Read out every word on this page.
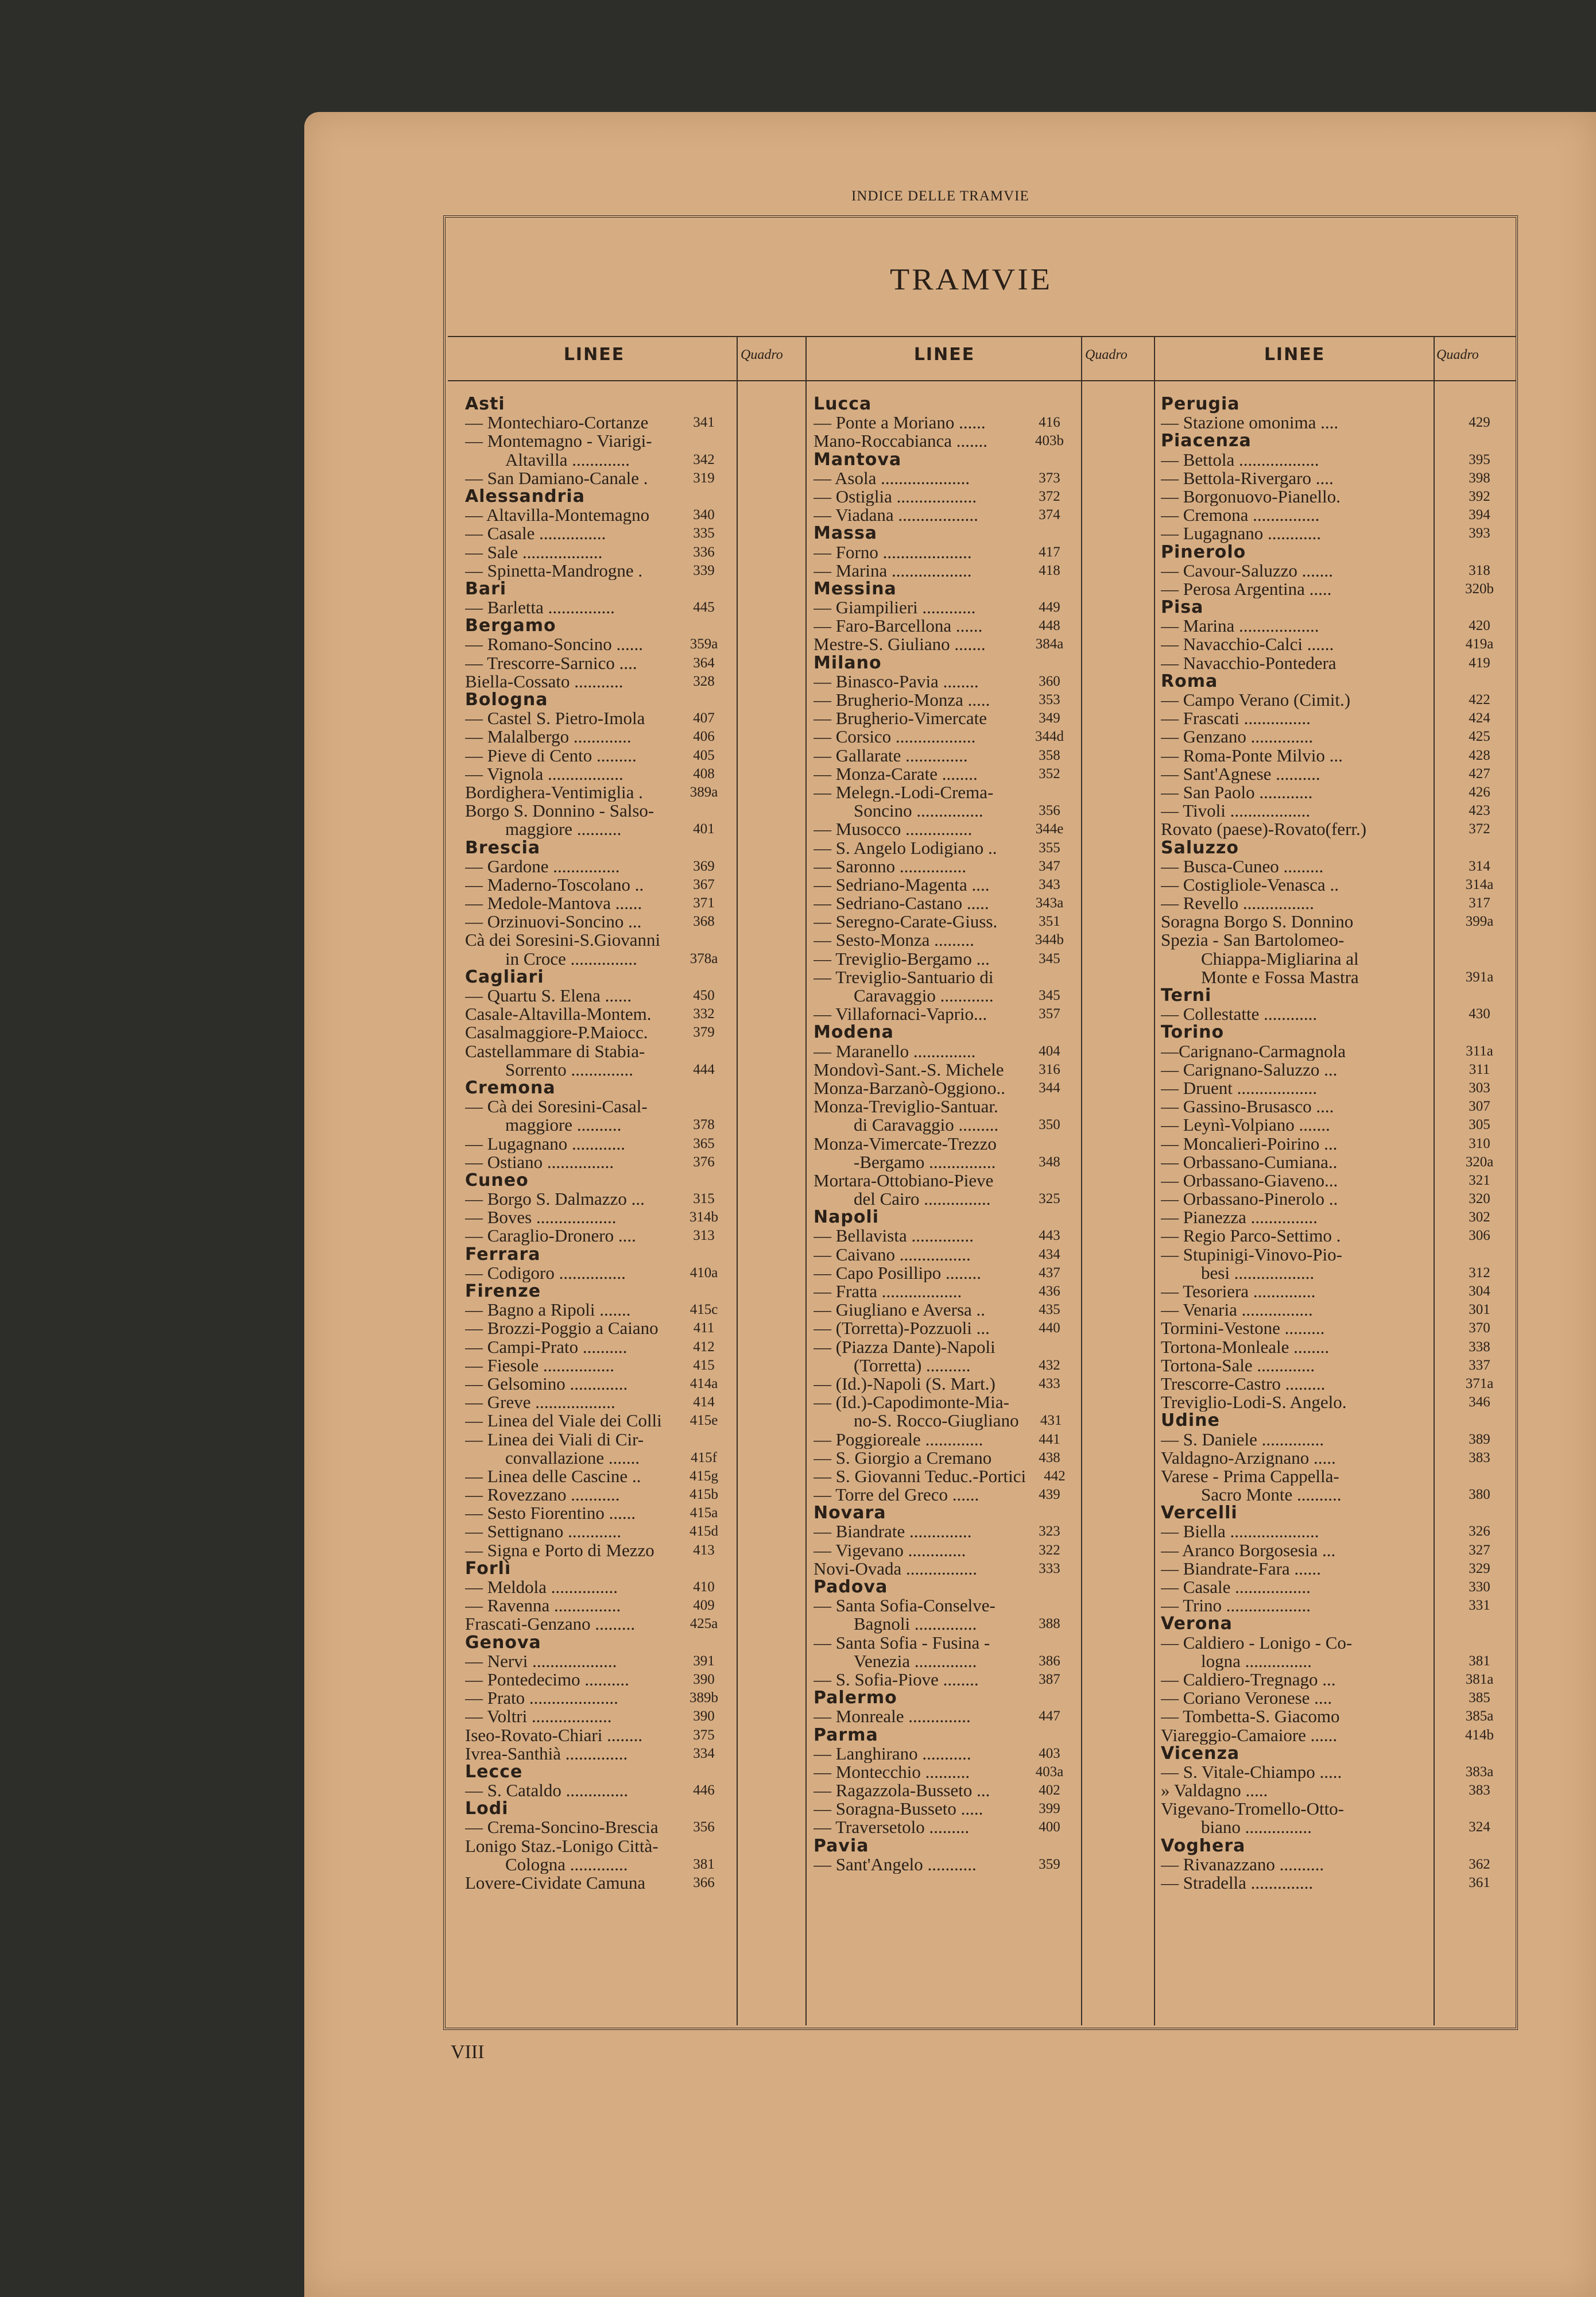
INDICE DELLE TRAMVIE
TRAMVIE
LINEE	Quadro	LINEE	Quadro	LINEE	Quadro
Asti
— Montechiaro-Cortanze	341
— Montemagno - Viarigi-
Altavilla .............	342
— San Damiano-Canale .	319
Alessandria
— Altavilla-Montemagno	340
— Casale ...............	335
— Sale ..................	336
— Spinetta-Mandrogne .	339
Bari
— Barletta ...............	445
Bergamo
— Romano-Soncino ......	359a
— Trescorre-Sarnico ....	364
Biella-Cossato ...........	328
Bologna
— Castel S. Pietro-Imola	407
— Malalbergo .............	406
— Pieve di Cento .........	405
— Vignola .................	408
Bordighera-Ventimiglia .	389a
Borgo S. Donnino - Salso-
maggiore ..........	401
Brescia
— Gardone ...............	369
— Maderno-Toscolano ..	367
— Medole-Mantova ......	371
— Orzinuovi-Soncino ...	368
Cà dei Soresini-S.Giovanni
in Croce ...............	378a
Cagliari
— Quartu S. Elena ......	450
Casale-Altavilla-Montem.	332
Casalmaggiore-P.Maiocc.	379
Castellammare di Stabia-
Sorrento ..............	444
Cremona
— Cà dei Soresini-Casal-
maggiore ..........	378
— Lugagnano ............	365
— Ostiano ...............	376
Cuneo
— Borgo S. Dalmazzo ...	315
— Boves ..................	314b
— Caraglio-Dronero ....	313
Ferrara
— Codigoro ...............	410a
Firenze
— Bagno a Ripoli .......	415c
— Brozzi-Poggio a Caiano	411
— Campi-Prato ..........	412
— Fiesole ................	415
— Gelsomino .............	414a
— Greve ..................	414
— Linea del Viale dei Colli	415e
— Linea dei Viali di Cir-
convallazione .......	415f
— Linea delle Cascine ..	415g
— Rovezzano ...........	415b
— Sesto Fiorentino ......	415a
— Settignano ............	415d
— Signa e Porto di Mezzo	413
Forlì
— Meldola ...............	410
— Ravenna ...............	409
Frascati-Genzano .........	425a
Genova
— Nervi ...................	391
— Pontedecimo ..........	390
— Prato ....................	389b
— Voltri ..................	390
Iseo-Rovato-Chiari ........	375
Ivrea-Santhià ..............	334
Lecce
— S. Cataldo ..............	446
Lodi
— Crema-Soncino-Brescia	356
Lonigo Staz.-Lonigo Città-
Cologna .............	381
Lovere-Cividate Camuna	366
Lucca
— Ponte a Moriano ......	416
Mano-Roccabianca .......	403b
Mantova
— Asola ....................	373
— Ostiglia ..................	372
— Viadana ..................	374
Massa
— Forno ....................	417
— Marina ..................	418
Messina
— Giampilieri ............	449
— Faro-Barcellona ......	448
Mestre-S. Giuliano .......	384a
Milano
— Binasco-Pavia ........	360
— Brugherio-Monza .....	353
— Brugherio-Vimercate	349
— Corsico ..................	344d
— Gallarate ..............	358
— Monza-Carate ........	352
— Melegn.-Lodi-Crema-
Soncino ...............	356
— Musocco ...............	344e
— S. Angelo Lodigiano ..	355
— Saronno ...............	347
— Sedriano-Magenta ....	343
— Sedriano-Castano .....	343a
— Seregno-Carate-Giuss.	351
— Sesto-Monza .........	344b
— Treviglio-Bergamo ...	345
— Treviglio-Santuario di
Caravaggio ............	345
— Villafornaci-Vaprio...	357
Modena
— Maranello ..............	404
Mondovì-Sant.-S. Michele	316
Monza-Barzanò-Oggiono..	344
Monza-Treviglio-Santuar.
di Caravaggio .........	350
Monza-Vimercate-Trezzo
-Bergamo ...............	348
Mortara-Ottobiano-Pieve
del Cairo ...............	325
Napoli
— Bellavista ..............	443
— Caivano ................	434
— Capo Posillipo ........	437
— Fratta ..................	436
— Giugliano e Aversa ..	435
— (Torretta)-Pozzuoli ...	440
— (Piazza Dante)-Napoli
(Torretta) ..........	432
— (Id.)-Napoli (S. Mart.)	433
— (Id.)-Capodimonte-Mia-
no-S. Rocco-Giugliano	431
— Poggioreale .............	441
— S. Giorgio a Cremano	438
— S. Giovanni Teduc.-Portici	442
— Torre del Greco ......	439
Novara
— Biandrate ..............	323
— Vigevano .............	322
Novi-Ovada ................	333
Padova
— Santa Sofia-Conselve-
Bagnoli ..............	388
— Santa Sofia - Fusina -
Venezia ..............	386
— S. Sofia-Piove ........	387
Palermo
— Monreale ..............	447
Parma
— Langhirano ...........	403
— Montecchio ..........	403a
— Ragazzola-Busseto ...	402
— Soragna-Busseto .....	399
— Traversetolo .........	400
Pavia
— Sant'Angelo ...........	359
Perugia
— Stazione omonima ....	429
Piacenza
— Bettola ..................	395
— Bettola-Rivergaro ....	398
— Borgonuovo-Pianello.	392
— Cremona ...............	394
— Lugagnano ............	393
Pinerolo
— Cavour-Saluzzo .......	318
— Perosa Argentina .....	320b
Pisa
— Marina ..................	420
— Navacchio-Calci ......	419a
— Navacchio-Pontedera	419
Roma
— Campo Verano (Cimit.)	422
— Frascati ...............	424
— Genzano ..............	425
— Roma-Ponte Milvio ...	428
— Sant'Agnese ..........	427
— San Paolo ............	426
— Tivoli ..................	423
Rovato (paese)-Rovato(ferr.)	372
Saluzzo
— Busca-Cuneo .........	314
— Costigliole-Venasca ..	314a
— Revello ................	317
Soragna Borgo S. Donnino	399a
Spezia - San Bartolomeo-
Chiappa-Migliarina al
Monte e Fossa Mastra	391a
Terni
— Collestatte ............	430
Torino
—Carignano-Carmagnola	311a
— Carignano-Saluzzo ...	311
— Druent ..................	303
— Gassino-Brusasco ....	307
— Leynì-Volpiano .......	305
— Moncalieri-Poirino ...	310
— Orbassano-Cumiana..	320a
— Orbassano-Giaveno...	321
— Orbassano-Pinerolo ..	320
— Pianezza ...............	302
— Regio Parco-Settimo .	306
— Stupinigi-Vinovo-Pio-
besi ..................	312
— Tesoriera ..............	304
— Venaria ................	301
Tormini-Vestone .........	370
Tortona-Monleale ........	338
Tortona-Sale .............	337
Trescorre-Castro .........	371a
Treviglio-Lodi-S. Angelo.	346
Udine
— S. Daniele ..............	389
Valdagno-Arzignano .....	383
Varese - Prima Cappella-
Sacro Monte ..........	380
Vercelli
— Biella ....................	326
— Aranco Borgosesia ...	327
— Biandrate-Fara ......	329
— Casale .................	330
— Trino ...................	331
Verona
— Caldiero - Lonigo - Co-
logna ...............	381
— Caldiero-Tregnago ...	381a
— Coriano Veronese ....	385
— Tombetta-S. Giacomo	385a
Viareggio-Camaiore ......	414b
Vicenza
— S. Vitale-Chiampo .....	383a
» Valdagno .....	383
Vigevano-Tromello-Otto-
biano ...............	324
Voghera
— Rivanazzano ..........	362
— Stradella ..............	361
VIII
